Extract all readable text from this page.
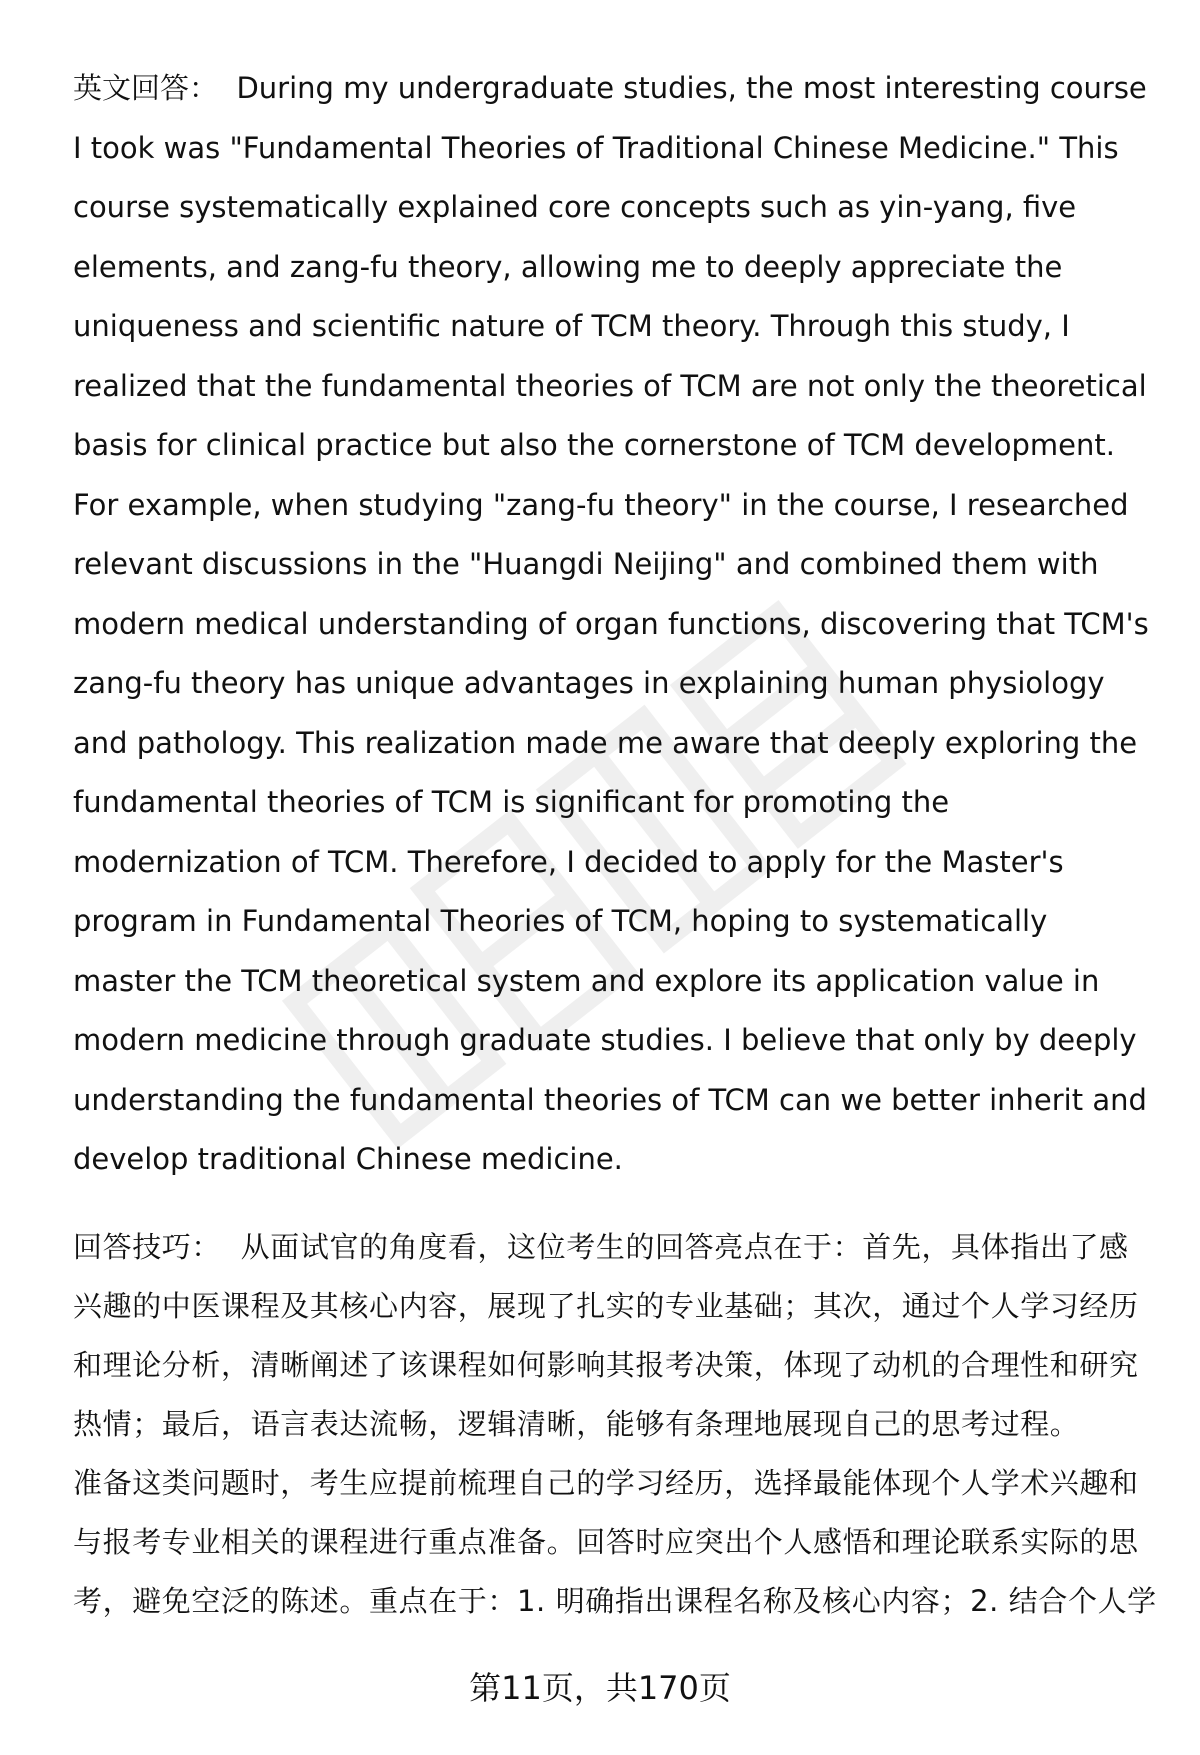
英文回答： During my undergraduate studies, the most interesting course I took was "Fundamental Theories of Traditional Chinese Medicine." This course systematically explained core concepts such as yin-yang, five elements, and zang-fu theory, allowing me to deeply appreciate the uniqueness and scientific nature of TCM theory. Through this study, I realized that the fundamental theories of TCM are not only the theoretical basis for clinical practice but also the cornerstone of TCM development. For example, when studying "zang-fu theory" in the course, I researched relevant discussions in the "Huangdi Neijing" and combined them with modern medical understanding of organ functions, discovering that TCM's zang-fu theory has unique advantages in explaining human physiology and pathology. This realization made me aware that deeply exploring the fundamental theories of TCM is significant for promoting the modernization of TCM. Therefore, I decided to apply for the Master's program in Fundamental Theories of TCM, hoping to systematically master the TCM theoretical system and explore its application value in modern medicine through graduate studies. I believe that only by deeply understanding the fundamental theories of TCM can we better inherit and develop traditional Chinese medicine.

回答技巧： 从面试官的角度看，这位考生的回答亮点在于：首先，具体指出了感兴趣的中医课程及其核心内容，展现了扎实的专业基础；其次，通过个人学习经历和理论分析，清晰阐述了该课程如何影响其报考决策，体现了动机的合理性和研究热情；最后，语言表达流畅，逻辑清晰，能够有条理地展现自己的思考过程。

准备这类问题时，考生应提前梳理自己的学习经历，选择最能体现个人学术兴趣和与报考专业相关的课程进行重点准备。回答时应突出个人感悟和理论联系实际的思考，避免空泛的陈述。重点在于：1. 明确指出课程名称及核心内容；2. 结合个人学

第11页，共170页
